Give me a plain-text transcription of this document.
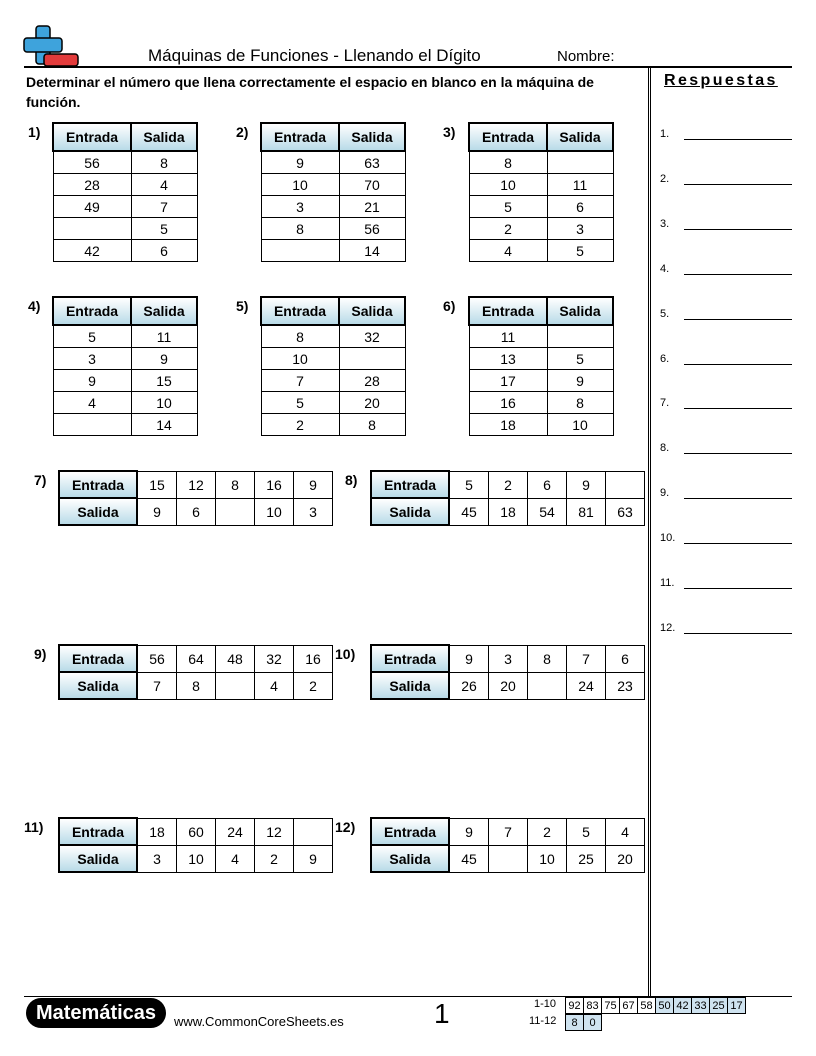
Máquinas de Funciones - Llenando el Dígito	Nombre:
Determinar el número que llena correctamente el espacio en blanco en la máquina de función.
Respuestas
1.
2.
3.
4.
5.
6.
7.
8.
9.
10.
11.
12.
1) Entrada	Salida
56	8
28	4
49	7
	5
42	6
2) Entrada	Salida
9	63
10	70
3	21
8	56
	14
3) Entrada	Salida
8	
10	11
5	6
2	3
4	5
4) Entrada	Salida
5	11
3	9
9	15
4	10
	14
5) Entrada	Salida
8	32
10	
7	28
5	20
2	8
6) Entrada	Salida
11	
13	5
17	9
16	8
18	10
7) Entrada	15	12	8	16	9
Salida	9	6		10	3
8) Entrada	5	2	6	9	
Salida	45	18	54	81	63
9) Entrada	56	64	48	32	16
Salida	7	8		4	2
10) Entrada	9	3	8	7	6
Salida	26	20		24	23
11) Entrada	18	60	24	12	
Salida	3	10	4	2	9
12) Entrada	9	7	2	5	4
Salida	45		10	25	20
Matemáticas	www.CommonCoreSheets.es	1	1-10 92	83	75	67	58	50	42	33	25	17
11-12 8	0
